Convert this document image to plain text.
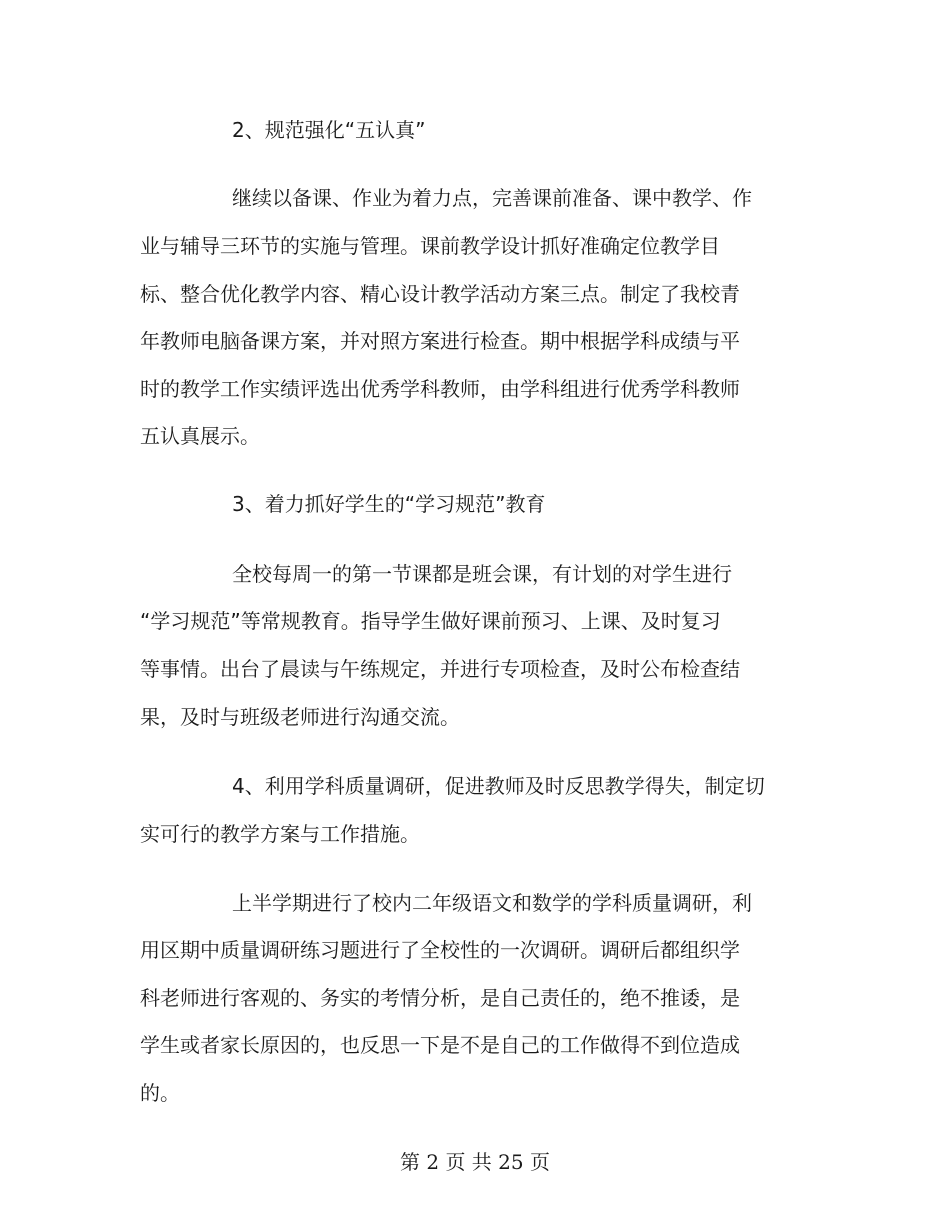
2、规范强化“五认真”
继续以备课、作业为着力点，完善课前准备、课中教学、作
业与辅导三环节的实施与管理。课前教学设计抓好准确定位教学目
标、整合优化教学内容、精心设计教学活动方案三点。制定了我校青
年教师电脑备课方案，并对照方案进行检查。期中根据学科成绩与平
时的教学工作实绩评选出优秀学科教师，由学科组进行优秀学科教师
五认真展示。
3、着力抓好学生的“学习规范”教育
全校每周一的第一节课都是班会课，有计划的对学生进行
“学习规范”等常规教育。指导学生做好课前预习、上课、及时复习
等事情。出台了晨读与午练规定，并进行专项检查，及时公布检查结
果，及时与班级老师进行沟通交流。
4、利用学科质量调研，促进教师及时反思教学得失，制定切
实可行的教学方案与工作措施。
上半学期进行了校内二年级语文和数学的学科质量调研，利
用区期中质量调研练习题进行了全校性的一次调研。调研后都组织学
科老师进行客观的、务实的考情分析，是自己责任的，绝不推诿，是
学生或者家长原因的，也反思一下是不是自己的工作做得不到位造成
的。
第 2 页 共 25 页
